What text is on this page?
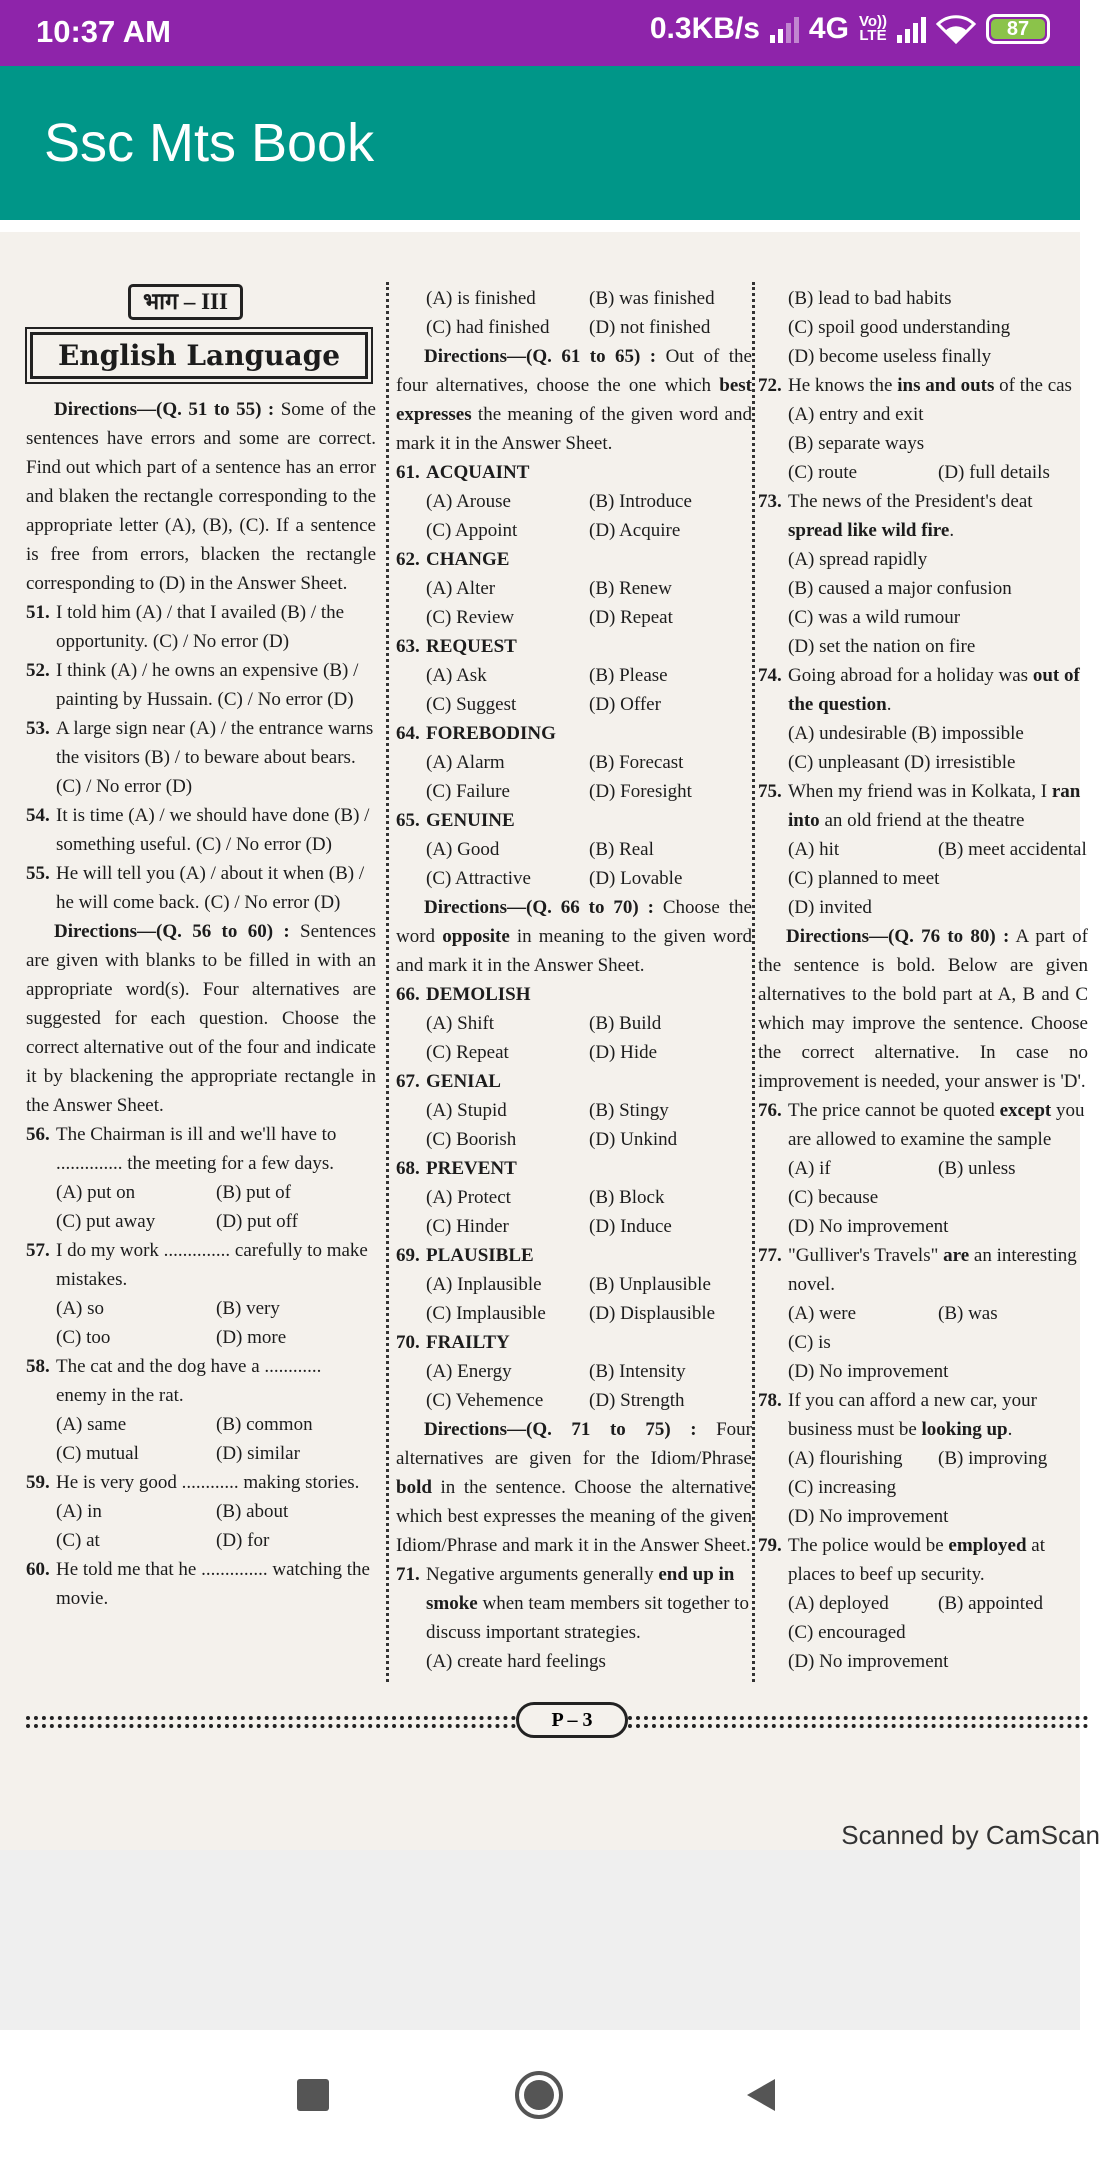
10:37 AM	0.3KB/s 4G Vo))
LTE	87
Ssc Mts Book
भाग – III
English Language

Directions—(Q. 51 to 55) : Some of the sentences have errors and some are correct. Find out which part of a sentence has an error and blaken the rectangle corresponding to the appropriate letter (A), (B), (C). If a sentence is free from errors, blacken the rectangle corresponding to (D) in the Answer Sheet.

51. I told him (A) / that I availed (B) / the opportunity. (C) / No error (D)
52. I think (A) / he owns an expensive (B) / painting by Hussain. (C) / No error (D)
53. A large sign near (A) / the entrance warns the visitors (B) / to beware about bears. (C) / No error (D)
54. It is time (A) / we should have done (B) / something useful. (C) / No error (D)
55. He will tell you (A) / about it when (B) / he will come back. (C) / No error (D)

Directions—(Q. 56 to 60) : Sentences are given with blanks to be filled in with an appropriate word(s). Four alternatives are suggested for each question. Choose the correct alternative out of the four and indicate it by blackening the appropriate rectangle in the Answer Sheet.

56. The Chairman is ill and we'll have to .............. the meeting for a few days.
(A) put on	(B) put of
(C) put away	(D) put off
57. I do my work .............. carefully to make mistakes.
(A) so	(B) very
(C) too	(D) more
58. The cat and the dog have a ............ enemy in the rat.
(A) same	(B) common
(C) mutual	(D) similar
59. He is very good ............ making stories.
(A) in	(B) about
(C) at	(D) for
60. He told me that he .............. watching the movie.
(A) is finished	(B) was finished
(C) had finished	(D) not finished

Directions—(Q. 61 to 65) : Out of the four alternatives, choose the one which best expresses the meaning of the given word and mark it in the Answer Sheet.

61. ACQUAINT
(A) Arouse	(B) Introduce
(C) Appoint	(D) Acquire
62. CHANGE
(A) Alter	(B) Renew
(C) Review	(D) Repeat
63. REQUEST
(A) Ask	(B) Please
(C) Suggest	(D) Offer
64. FOREBODING
(A) Alarm	(B) Forecast
(C) Failure	(D) Foresight
65. GENUINE
(A) Good	(B) Real
(C) Attractive	(D) Lovable

Directions—(Q. 66 to 70) : Choose the word opposite in meaning to the given word and mark it in the Answer Sheet.

66. DEMOLISH
(A) Shift	(B) Build
(C) Repeat	(D) Hide
67. GENIAL
(A) Stupid	(B) Stingy
(C) Boorish	(D) Unkind
68. PREVENT
(A) Protect	(B) Block
(C) Hinder	(D) Induce
69. PLAUSIBLE
(A) Inplausible	(B) Unplausible
(C) Implausible	(D) Displausible
70. FRAILTY
(A) Energy	(B) Intensity
(C) Vehemence	(D) Strength

Directions—(Q. 71 to 75) : Four alternatives are given for the Idiom/Phrase bold in the sentence. Choose the alternative which best expresses the meaning of the given Idiom/Phrase and mark it in the Answer Sheet.

71. Negative arguments generally end up in smoke when team members sit together to discuss important strategies.
(A) create hard feelings
(B) lead to bad habits
(C) spoil good understanding
(D) become useless finally
72. He knows the ins and outs of the cas
(A) entry and exit
(B) separate ways
(C) route	(D) full details
73. The news of the President's deat spread like wild fire.
(A) spread rapidly
(B) caused a major confusion
(C) was a wild rumour
(D) set the nation on fire
74. Going abroad for a holiday was out of the question.
(A) undesirable (B) impossible
(C) unpleasant (D) irresistible
75. When my friend was in Kolkata, I ran into an old friend at the theatre
(A) hit	(B) meet accidental
(C) planned to meet
(D) invited

Directions—(Q. 76 to 80) : A part of the sentence is bold. Below are given alternatives to the bold part at A, B and C which may improve the sentence. Choose the correct alternative. In case no improvement is needed, your answer is 'D'.

76. The price cannot be quoted except you are allowed to examine the sample
(A) if	(B) unless
(C) because
(D) No improvement
77. "Gulliver's Travels" are an interesting novel.
(A) were	(B) was
(C) is
(D) No improvement
78. If you can afford a new car, your business must be looking up.
(A) flourishing	(B) improving
(C) increasing
(D) No improvement
79. The police would be employed at places to beef up security.
(A) deployed	(B) appointed
(C) encouraged
(D) No improvement
P – 3
Scanned by CamScan
